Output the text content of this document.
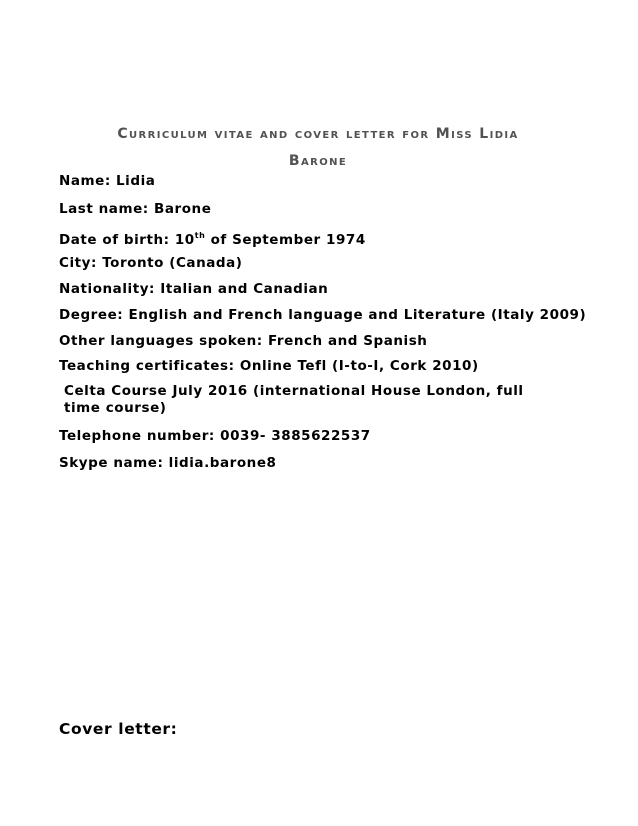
Curriculum vitae and cover letter for Miss Lidia
Barone
Name: Lidia
Last name: Barone
Date of birth: 10th of September 1974
City: Toronto (Canada)
Nationality: Italian and Canadian
Degree: English and French language and Literature (Italy 2009)
Other languages spoken: French and Spanish
Teaching certificates: Online Tefl (I-to-I, Cork 2010)
Celta Course July 2016 (international House London, full time course)
Telephone number: 0039- 3885622537
Skype name: lidia.barone8
Cover letter:
